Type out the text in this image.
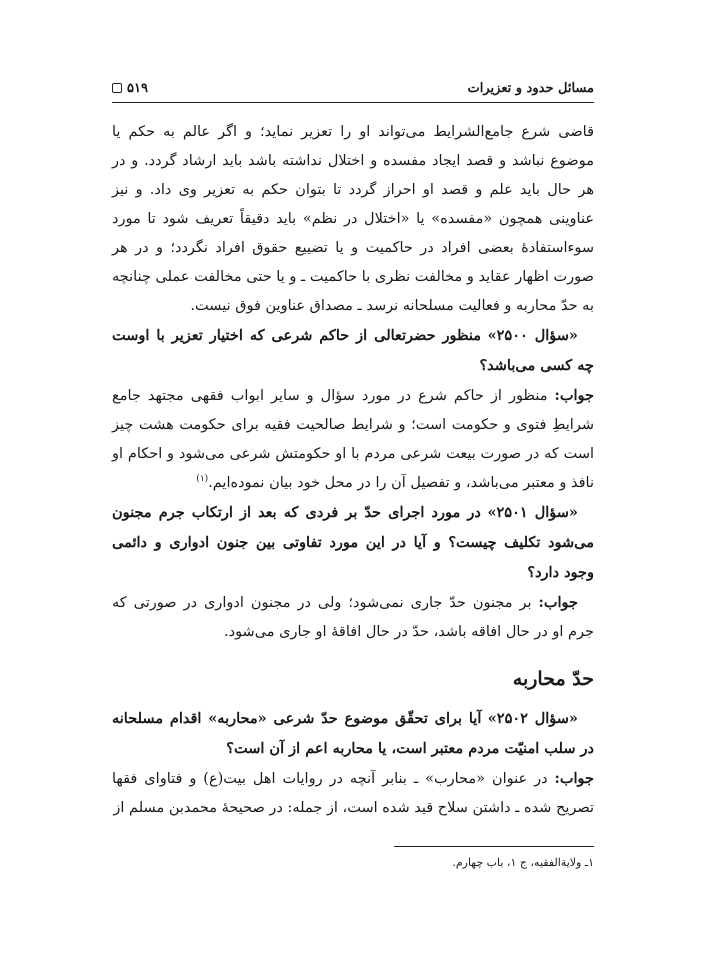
مسائل حدود و تعزیرات
۵۱۹

قاضی شرع جامع‌الشرایط می‌تواند او را تعزیر نماید؛ و اگر عالم به حکم یا موضوع نباشد و قصد ایجاد مفسده و اختلال نداشته باشد باید ارشاد گردد. و در هر حال باید علم و قصد او احراز گردد تا بتوان حکم به تعزیر وی داد. و نیز عناوینی همچون «مفسده» یا «اختلال در نظم» باید دقیقاً تعریف شود تا مورد سوءاستفادهٔ بعضی افراد در حاکمیت و یا تضییع حقوق افراد نگردد؛ و در هر صورت اظهار عقاید و مخالفت نظری با حاکمیت ـ و یا حتی مخالفت عملی چنانچه به حدّ محاربه و فعالیت مسلحانه نرسد ـ مصداق عناوین فوق نیست.

«سؤال ۲۵۰۰» منظور حضرتعالی از حاکم شرعی که اختیار تعزیر با اوست چه کسی می‌باشد؟

جواب: منظور از حاکم شرع در مورد سؤال و سایر ابواب فقهی مجتهد جامع شرایطِ فتوی و حکومت است؛ و شرایط صالحیت فقیه برای حکومت هشت چیز است که در صورت بیعت شرعی مردم با او حکومتش شرعی می‌شود و احکام او نافذ و معتبر می‌باشد، و تفصیل آن را در محل خود بیان نموده‌ایم.$^{(۱)}$

«سؤال ۲۵۰۱» در مورد اجرای حدّ بر فردی که بعد از ارتکاب جرم مجنون می‌شود تکلیف چیست؟ و آیا در این مورد تفاوتی بین جنون ادواری و دائمی وجود دارد؟

جواب: بر مجنون حدّ جاری نمی‌شود؛ ولی در مجنون ادواری در صورتی که جرم او در حال افاقه باشد، حدّ در حال افاقهٔ او جاری می‌شود.

حدّ محاربه

«سؤال ۲۵۰۲» آیا برای تحقّق موضوع حدّ شرعی «محاربه» اقدام مسلحانه در سلب امنیّت مردم معتبر است، یا محاربه اعم از آن است؟

جواب: در عنوان «محارب» ـ بنابر آنچه در روایات اهل بیت(ع) و فتاوای فقها تصریح شده ـ داشتن سلاح قید شده است، از جمله: در صحیحهٔ محمدبن مسلم از

۱ـ ولایة‌الفقیه، ج ۱، باب چهارم.
